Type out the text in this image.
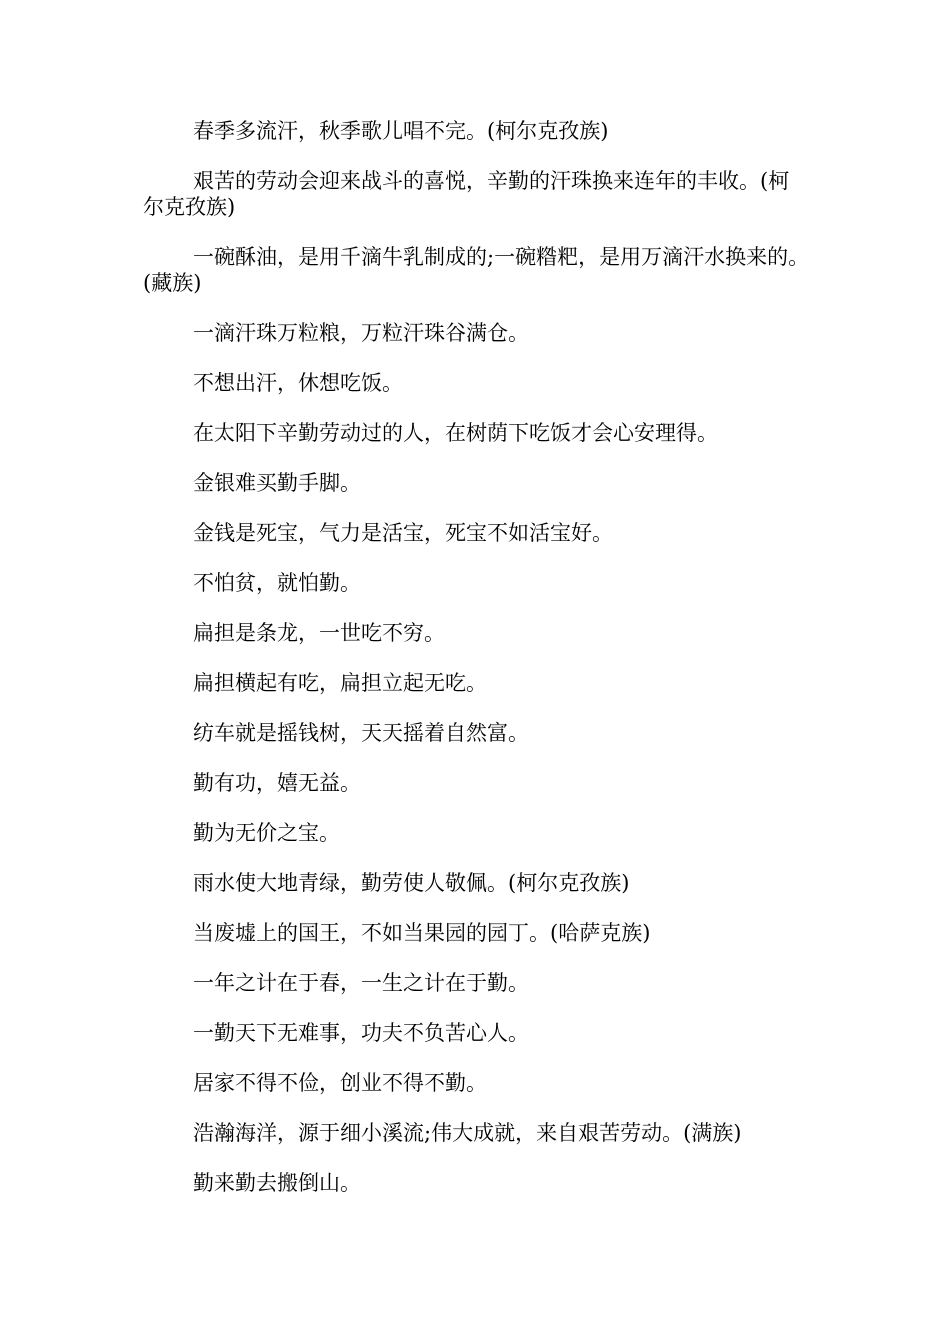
春季多流汗，秋季歌儿唱不完。(柯尔克孜族)

艰苦的劳动会迎来战斗的喜悦，辛勤的汗珠换来连年的丰收。(柯尔克孜族)

一碗酥油，是用千滴牛乳制成的;一碗糌粑，是用万滴汗水换来的。(藏族)

一滴汗珠万粒粮，万粒汗珠谷满仓。

不想出汗，休想吃饭。

在太阳下辛勤劳动过的人，在树荫下吃饭才会心安理得。

金银难买勤手脚。

金钱是死宝，气力是活宝，死宝不如活宝好。

不怕贫，就怕勤。

扁担是条龙，一世吃不穷。

扁担横起有吃，扁担立起无吃。

纺车就是摇钱树，天天摇着自然富。

勤有功，嬉无益。

勤为无价之宝。

雨水使大地青绿，勤劳使人敬佩。(柯尔克孜族)

当废墟上的国王，不如当果园的园丁。(哈萨克族)

一年之计在于春，一生之计在于勤。

一勤天下无难事，功夫不负苦心人。

居家不得不俭，创业不得不勤。

浩瀚海洋，源于细小溪流;伟大成就，来自艰苦劳动。(满族)

勤来勤去搬倒山。
